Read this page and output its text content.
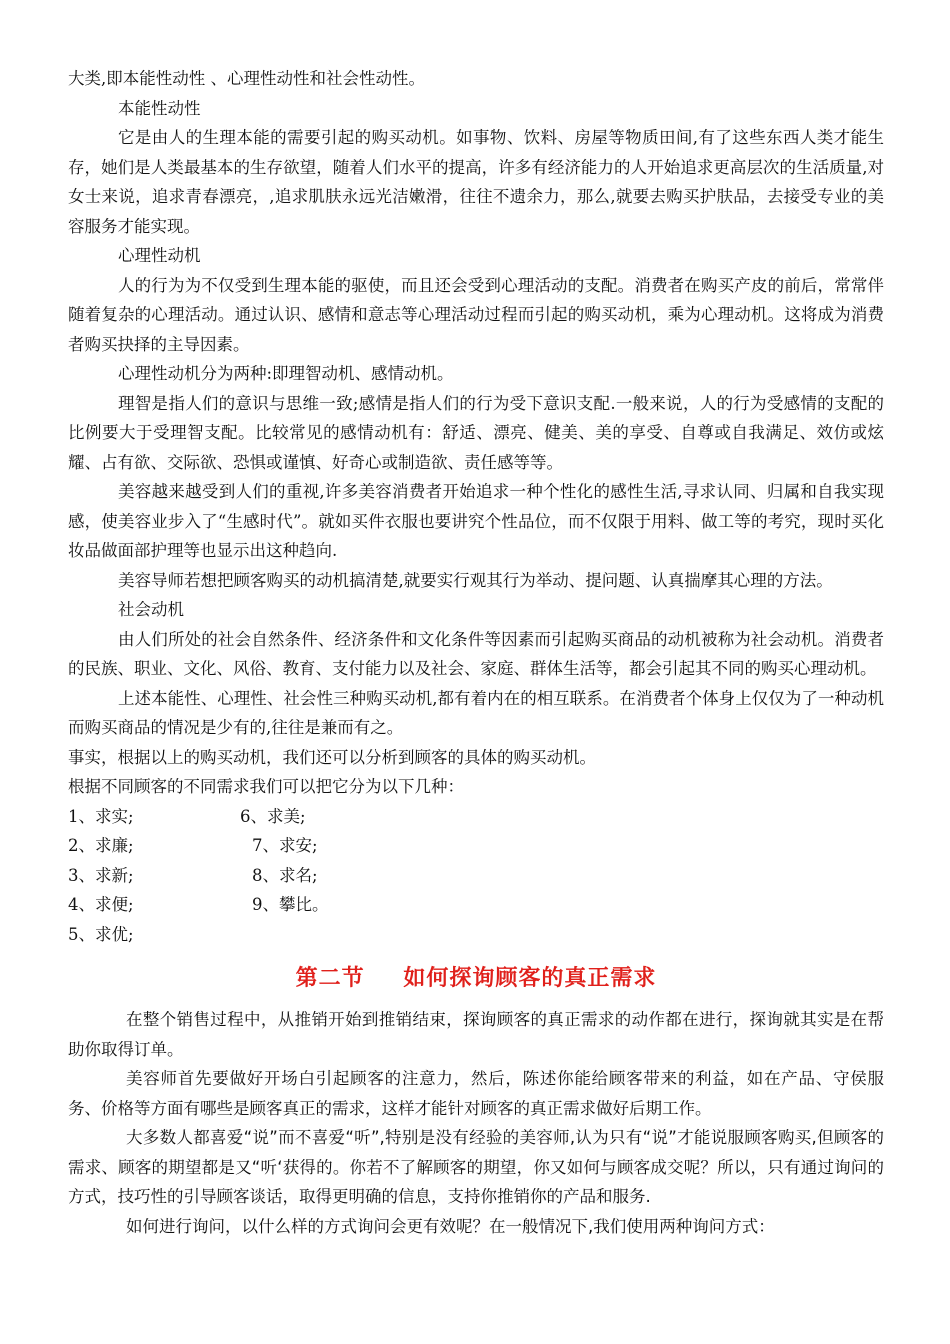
大类,即本能性动性 、心理性动性和社会性动性。

本能性动性

它是由人的生理本能的需要引起的购买动机。如事物、饮料、房屋等物质田间,有了这些东西人类才能生存，她们是人类最基本的生存欲望，随着人们水平的提高，许多有经济能力的人开始追求更高层次的生活质量,对女士来说，追求青春漂亮，,追求肌肤永远光洁嫩滑，往往不遗余力，那么,就要去购买护肤品，去接受专业的美容服务才能实现。

心理性动机

人的行为为不仅受到生理本能的驱使，而且还会受到心理活动的支配。消费者在购买产皮的前后，常常伴随着复杂的心理活动。通过认识、感情和意志等心理活动过程而引起的购买动机，乘为心理动机。这将成为消费者购买抉择的主导因素。

心理性动机分为两种:即理智动机、感情动机。

理智是指人们的意识与思维一致;感情是指人们的行为受下意识支配.一般来说，人的行为受感情的支配的比例要大于受理智支配。比较常见的感情动机有：舒适、漂亮、健美、美的享受、自尊或自我满足、效仿或炫耀、占有欲、交际欲、恐惧或谨慎、好奇心或制造欲、责任感等等。

美容越来越受到人们的重视,许多美容消费者开始追求一种个性化的感性生活,寻求认同、归属和自我实现感，使美容业步入了“生感时代”。就如买件衣服也要讲究个性品位，而不仅限于用料、做工等的考究，现时买化妆品做面部护理等也显示出这种趋向.

美容导师若想把顾客购买的动机搞清楚,就要实行观其行为举动、提问题、认真揣摩其心理的方法。

社会动机

由人们所处的社会自然条件、经济条件和文化条件等因素而引起购买商品的动机被称为社会动机。消费者的民族、职业、文化、风俗、教育、支付能力以及社会、家庭、群体生活等，都会引起其不同的购买心理动机。

上述本能性、心理性、社会性三种购买动机,都有着内在的相互联系。在消费者个体身上仅仅为了一种动机而购买商品的情况是少有的,往往是兼而有之。

事实，根据以上的购买动机，我们还可以分析到顾客的具体的购买动机。

根据不同顾客的不同需求我们可以把它分为以下几种：

1、求实;	6、求美;
2、求廉;	7、求安;
3、求新;	8、求名;
4、求便;	9、攀比。
5、求优;
第二节 如何探询顾客的真正需求

在整个销售过程中，从推销开始到推销结束，探询顾客的真正需求的动作都在进行，探询就其实是在帮助你取得订单。

美容师首先要做好开场白引起顾客的注意力，然后，陈述你能给顾客带来的利益，如在产品、守侯服务、价格等方面有哪些是顾客真正的需求，这样才能针对顾客的真正需求做好后期工作。

大多数人都喜爱“说”而不喜爱“听”,特别是没有经验的美容师,认为只有“说”才能说服顾客购买,但顾客的需求、顾客的期望都是又“听‘获得的。你若不了解顾客的期望，你又如何与顾客成交呢？所以，只有通过询问的方式，技巧性的引导顾客谈话，取得更明确的信息，支持你推销你的产品和服务.

如何进行询问，以什么样的方式询问会更有效呢？在一般情况下,我们使用两种询问方式：
